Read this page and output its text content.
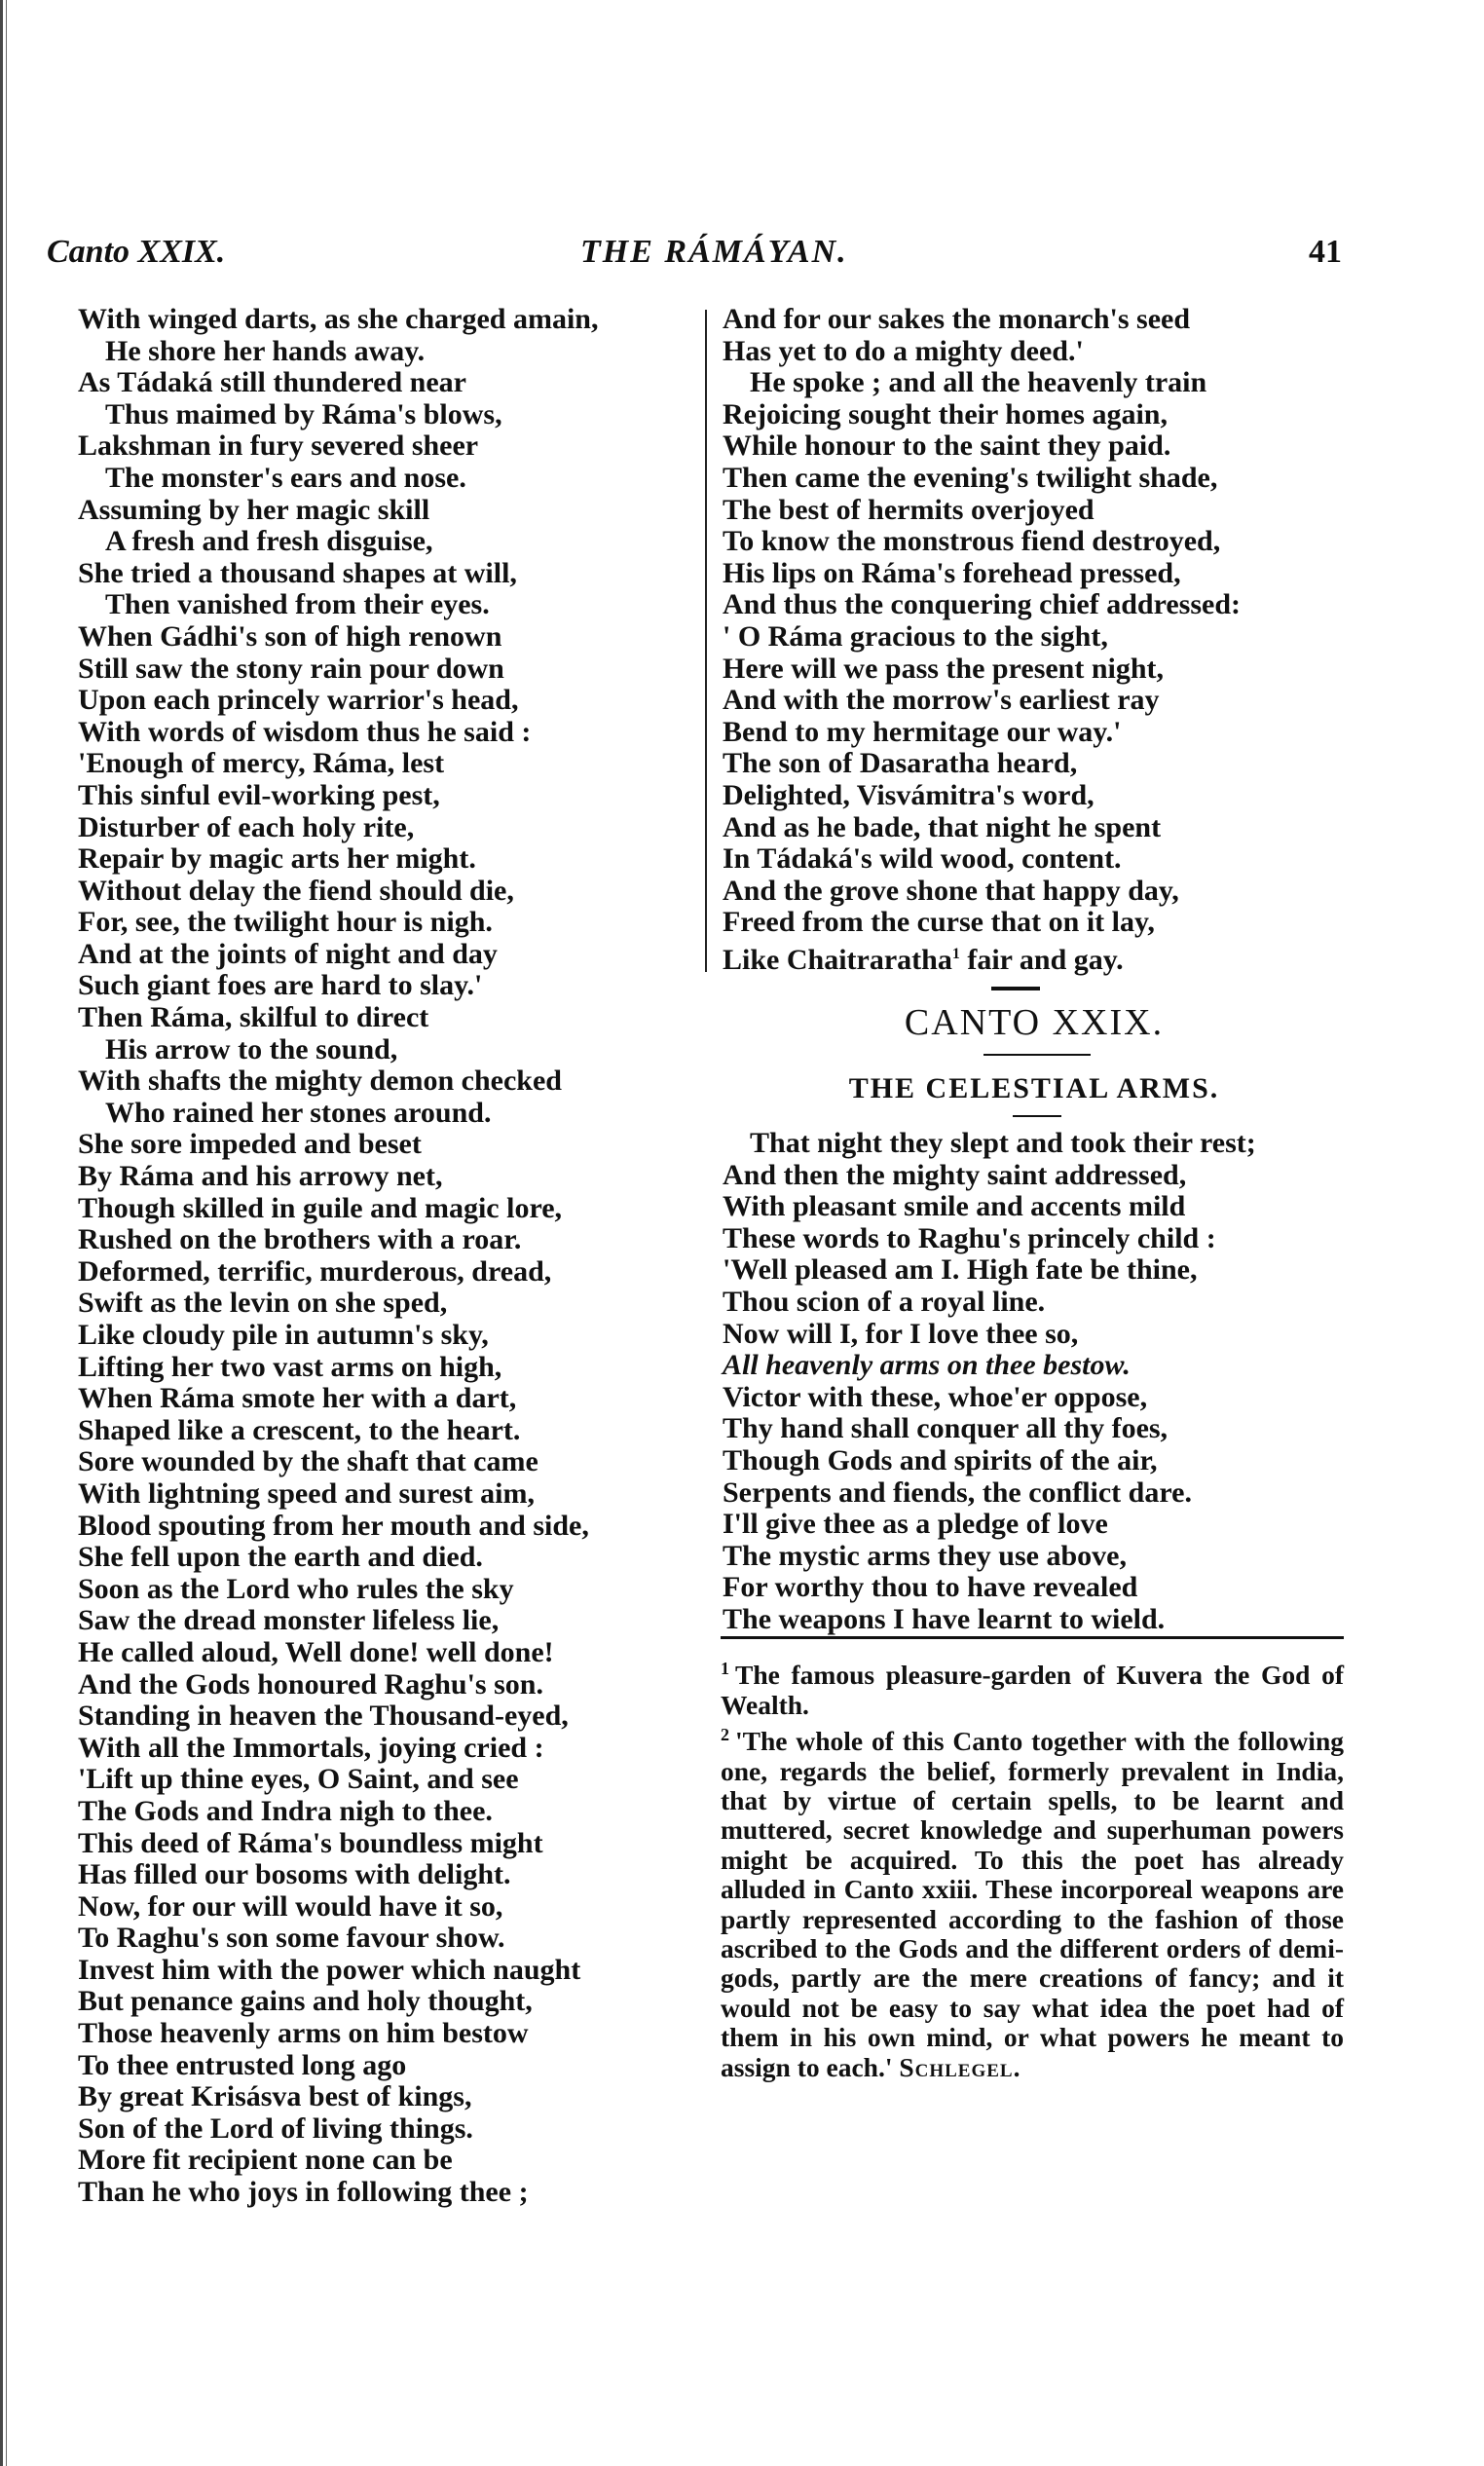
Canto XXIX.	THE RÁMÁYAN.	41
With winged darts, as she charged amain,
He shore her hands away.
As Tádaká still thundered near
Thus maimed by Ráma's blows,
Lakshman in fury severed sheer
The monster's ears and nose.
Assuming by her magic skill
A fresh and fresh disguise,
She tried a thousand shapes at will,
Then vanished from their eyes.
When Gádhi's son of high renown
Still saw the stony rain pour down
Upon each princely warrior's head,
With words of wisdom thus he said :
'Enough of mercy, Ráma, lest
This sinful evil-working pest,
Disturber of each holy rite,
Repair by magic arts her might.
Without delay the fiend should die,
For, see, the twilight hour is nigh.
And at the joints of night and day
Such giant foes are hard to slay.'
Then Ráma, skilful to direct
His arrow to the sound,
With shafts the mighty demon checked
Who rained her stones around.
She sore impeded and beset
By Ráma and his arrowy net,
Though skilled in guile and magic lore,
Rushed on the brothers with a roar.
Deformed, terrific, murderous, dread,
Swift as the levin on she sped,
Like cloudy pile in autumn's sky,
Lifting her two vast arms on high,
When Ráma smote her with a dart,
Shaped like a crescent, to the heart.
Sore wounded by the shaft that came
With lightning speed and surest aim,
Blood spouting from her mouth and side,
She fell upon the earth and died.
Soon as the Lord who rules the sky
Saw the dread monster lifeless lie,
He called aloud, Well done! well done!
And the Gods honoured Raghu's son.
Standing in heaven the Thousand-eyed,
With all the Immortals, joying cried :
'Lift up thine eyes, O Saint, and see
The Gods and Indra nigh to thee.
This deed of Ráma's boundless might
Has filled our bosoms with delight.
Now, for our will would have it so,
To Raghu's son some favour show.
Invest him with the power which naught
But penance gains and holy thought,
Those heavenly arms on him bestow
To thee entrusted long ago
By great Krisásva best of kings,
Son of the Lord of living things.
More fit recipient none can be
Than he who joys in following thee ;
And for our sakes the monarch's seed
Has yet to do a mighty deed.'
He spoke ; and all the heavenly train
Rejoicing sought their homes again,
While honour to the saint they paid.
Then came the evening's twilight shade,
The best of hermits overjoyed
To know the monstrous fiend destroyed,
His lips on Ráma's forehead pressed,
And thus the conquering chief addressed:
' O Ráma gracious to the sight,
Here will we pass the present night,
And with the morrow's earliest ray
Bend to my hermitage our way.'
The son of Dasaratha heard,
Delighted, Visvámitra's word,
And as he bade, that night he spent
In Tádaká's wild wood, content.
And the grove shone that happy day,
Freed from the curse that on it lay,
Like Chaitraratha$^1$ fair and gay.
CANTO XXIX.
THE CELESTIAL ARMS.
That night they slept and took their rest;
And then the mighty saint addressed,
With pleasant smile and accents mild
These words to Raghu's princely child :
'Well pleased am I. High fate be thine,
Thou scion of a royal line.
Now will I, for I love thee so,
All heavenly arms on thee bestow.
Victor with these, whoe'er oppose,
Thy hand shall conquer all thy foes,
Though Gods and spirits of the air,
Serpents and fiends, the conflict dare.
I'll give thee as a pledge of love
The mystic arms they use above,
For worthy thou to have revealed
The weapons I have learnt to wield.

$^1$ The famous pleasure-garden of Kuvera the God of Wealth.

$^2$ 'The whole of this Canto together with the following one, regards the belief, formerly prevalent in India, that by virtue of certain spells, to be learnt and muttered, secret knowledge and superhuman powers might be acquired. To this the poet has already alluded in Canto xxiii. These incorporeal weapons are partly represented according to the fashion of those ascribed to the Gods and the different orders of demi-gods, partly are the mere creations of fancy; and it would not be easy to say what idea the poet had of them in his own mind, or what powers he meant to assign to each.' Schlegel.
